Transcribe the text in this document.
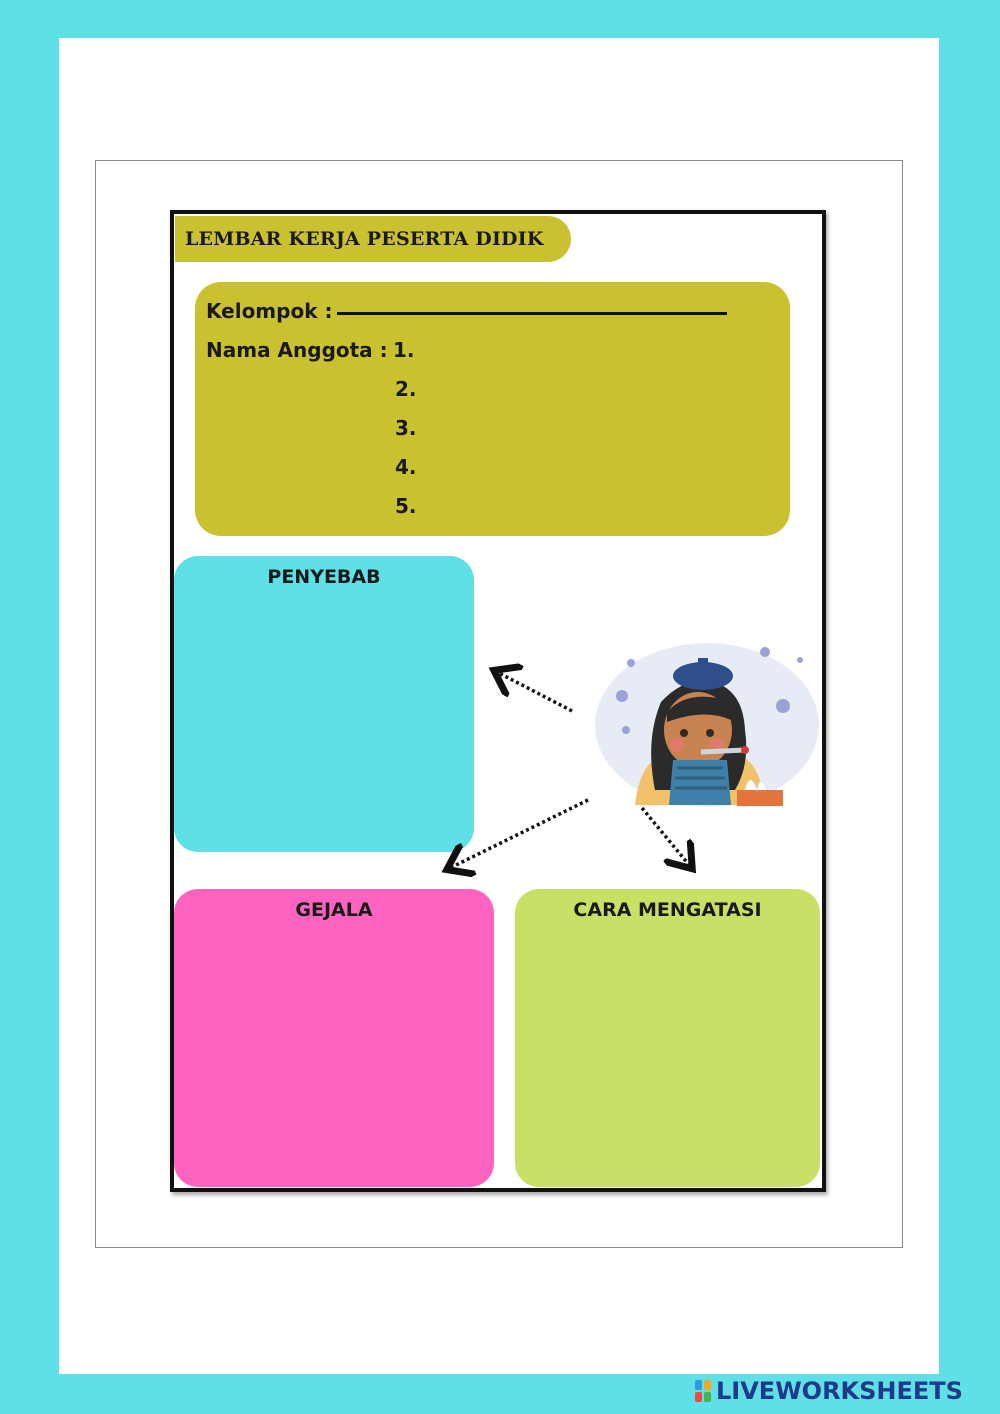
LEMBAR KERJA PESERTA DIDIK
Kelompok :
Nama Anggota : 1.
2.
3.
4.
5.
PENYEBAB
GEJALA	CARA MENGATASI
LIVEWORKSHEETS
